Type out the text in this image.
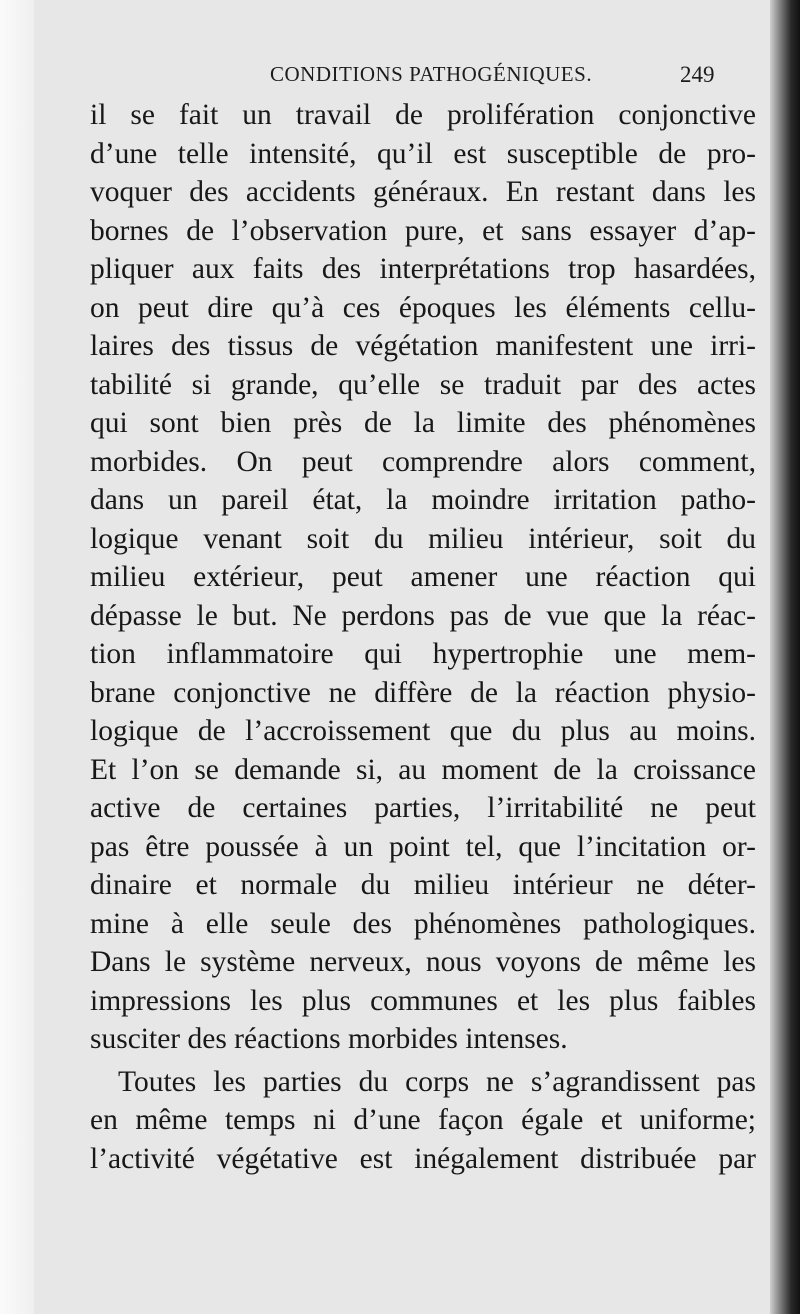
CONDITIONS PATHOGÉNIQUES.	249
il se fait un travail de prolifération conjonctive
d’une telle intensité, qu’il est susceptible de pro-
voquer des accidents généraux. En restant dans les
bornes de l’observation pure, et sans essayer d’ap-
pliquer aux faits des interprétations trop hasardées,
on peut dire qu’à ces époques les éléments cellu-
laires des tissus de végétation manifestent une irri-
tabilité si grande, qu’elle se traduit par des actes
qui sont bien près de la limite des phénomènes
morbides. On peut comprendre alors comment,
dans un pareil état, la moindre irritation patho-
logique venant soit du milieu intérieur, soit du
milieu extérieur, peut amener une réaction qui
dépasse le but. Ne perdons pas de vue que la réac-
tion inflammatoire qui hypertrophie une mem-
brane conjonctive ne diffère de la réaction physio-
logique de l’accroissement que du plus au moins.
Et l’on se demande si, au moment de la croissance
active de certaines parties, l’irritabilité ne peut
pas être poussée à un point tel, que l’incitation or-
dinaire et normale du milieu intérieur ne déter-
mine à elle seule des phénomènes pathologiques.
Dans le système nerveux, nous voyons de même les
impressions les plus communes et les plus faibles
susciter des réactions morbides intenses.
Toutes les parties du corps ne s’agrandissent pas
en même temps ni d’une façon égale et uniforme;
l’activité végétative est inégalement distribuée par
